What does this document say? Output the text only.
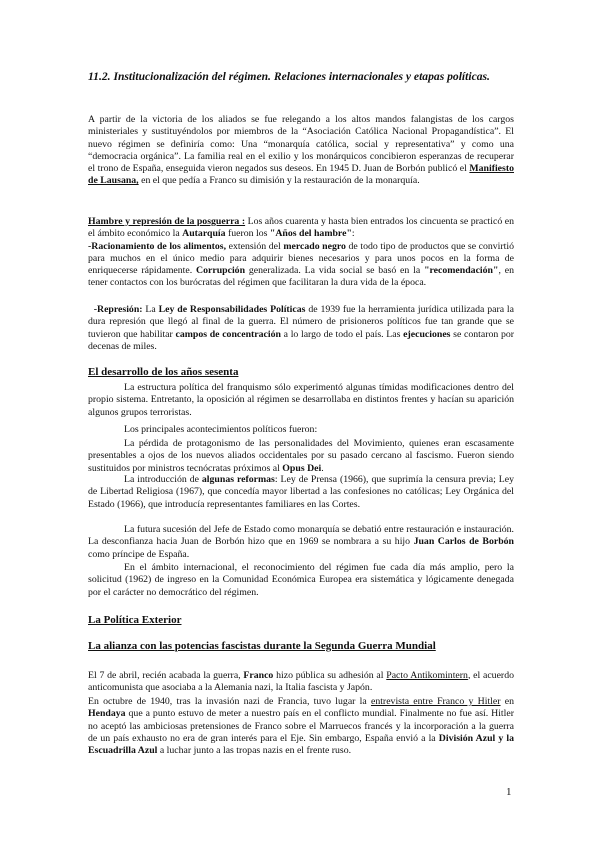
11.2. Institucionalización del régimen. Relaciones internacionales y etapas políticas.

A partir de la victoria de los aliados se fue relegando a los altos mandos falangistas de los cargos ministeriales y sustituyéndolos por miembros de la “Asociación Católica Nacional Propagandística”. El nuevo régimen se definiría como: Una “monarquía católica, social y representativa” y como una “democracia orgánica”. La familia real en el exilio y los monárquicos concibieron esperanzas de recuperar el trono de España, enseguida vieron negados sus deseos. En 1945 D. Juan de Borbón publicó el Manifiesto de Lausana, en el que pedía a Franco su dimisión y la restauración de la monarquía.

Hambre y represión de la posguerra : Los años cuarenta y hasta bien entrados los cincuenta se practicó en el ámbito económico la Autarquía fueron los "Años del hambre":
-Racionamiento de los alimentos, extensión del mercado negro de todo tipo de productos que se convirtió para muchos en el único medio para adquirir bienes necesarios y para unos pocos en la forma de enriquecerse rápidamente. Corrupción generalizada. La vida social se basó en la "recomendación", en tener contactos con los burócratas del régimen que facilitaran la dura vida de la época.

-Represión: La Ley de Responsabilidades Políticas de 1939 fue la herramienta jurídica utilizada para la dura represión que llegó al final de la guerra. El número de prisioneros políticos fue tan grande que se tuvieron que habilitar campos de concentración a lo largo de todo el país. Las ejecuciones se contaron por decenas de miles.

El desarrollo de los años sesenta

La estructura política del franquismo sólo experimentó algunas tímidas modificaciones dentro del propio sistema. Entretanto, la oposición al régimen se desarrollaba en distintos frentes y hacían su aparición algunos grupos terroristas.

Los principales acontecimientos políticos fueron:

La pérdida de protagonismo de las personalidades del Movimiento, quienes eran escasamente presentables a ojos de los nuevos aliados occidentales por su pasado cercano al fascismo. Fueron siendo sustituidos por ministros tecnócratas próximos al Opus Dei.

La introducción de algunas reformas: Ley de Prensa (1966), que suprimía la censura previa; Ley de Libertad Religiosa (1967), que concedía mayor libertad a las confesiones no católicas; Ley Orgánica del Estado (1966), que introducía representantes familiares en las Cortes.

La futura sucesión del Jefe de Estado como monarquía se debatió entre restauración e instauración. La desconfianza hacia Juan de Borbón hizo que en 1969 se nombrara a su hijo Juan Carlos de Borbón como príncipe de España.

En el ámbito internacional, el reconocimiento del régimen fue cada día más amplio, pero la solicitud (1962) de ingreso en la Comunidad Económica Europea era sistemática y lógicamente denegada por el carácter no democrático del régimen.

La Política Exterior
La alianza con las potencias fascistas durante la Segunda Guerra Mundial

El 7 de abril, recién acabada la guerra, Franco hizo pública su adhesión al Pacto Antikomintern, el acuerdo anticomunista que asociaba a la Alemania nazi, la Italia fascista y Japón.

En octubre de 1940, tras la invasión nazi de Francia, tuvo lugar la entrevista entre Franco y Hitler en Hendaya que a punto estuvo de meter a nuestro país en el conflicto mundial. Finalmente no fue así. Hitler no aceptó las ambiciosas pretensiones de Franco sobre el Marruecos francés y la incorporación a la guerra de un país exhausto no era de gran interés para el Eje. Sin embargo, España envió a la División Azul y la Escuadrilla Azul a luchar junto a las tropas nazis en el frente ruso.

1
